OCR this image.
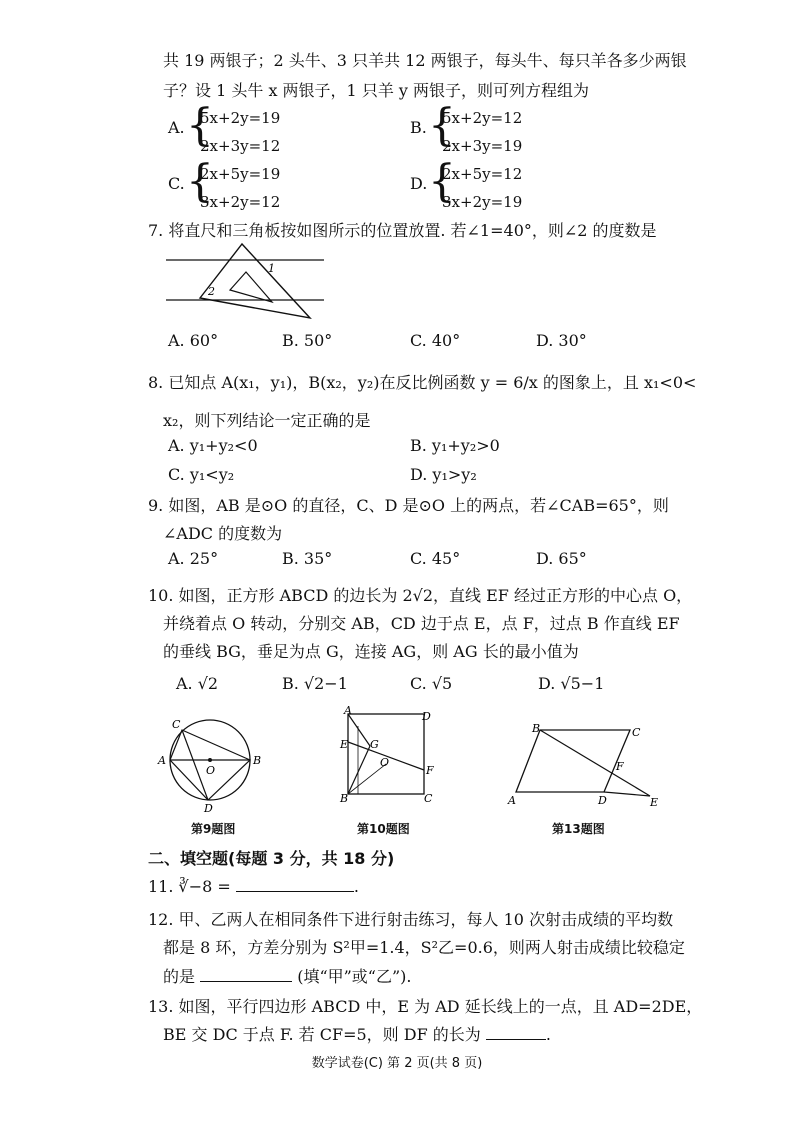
共 19 两银子；2 头牛、3 只羊共 12 两银子，每头牛、每只羊各多少两银
子？设 1 头牛 x 两银子，1 只羊 y 两银子，则可列方程组为
A. {
5x+2y=19
2x+3y=12
B. {
5x+2y=12
2x+3y=19
C. {
2x+5y=19
3x+2y=12
D. {
2x+5y=12
3x+2y=19
7. 将直尺和三角板按如图所示的位置放置. 若∠1=40°，则∠2 的度数是
1
2
A. 60°	B. 50°	C. 40°	D. 30°
8. 已知点 A(x₁，y₁)，B(x₂，y₂)在反比例函数 y = 6/x 的图象上，且 x₁<0<
x₂，则下列结论一定正确的是
A. y₁+y₂<0	B. y₁+y₂>0
C. y₁<y₂	D. y₁>y₂
9. 如图，AB 是⊙O 的直径，C、D 是⊙O 上的两点，若∠CAB=65°，则
∠ADC 的度数为
A. 25°	B. 35°	C. 45°	D. 65°
10. 如图，正方形 ABCD 的边长为 2√2，直线 EF 经过正方形的中心点 O，
并绕着点 O 转动，分别交 AB，CD 边于点 E，点 F，过点 B 作直线 EF
的垂线 BG，垂足为点 G，连接 AG，则 AG 长的最小值为
A. √2	B. √2−1	C. √5	D. √5−1
C
A	B
D
O
第9题图
A	D
E G
O
F
B	C
第10题图
A
B	C
D	E
F
第13题图
二、填空题(每题 3 分，共 18 分)
11. ∛−8 =	.
12. 甲、乙两人在相同条件下进行射击练习，每人 10 次射击成绩的平均数
都是 8 环，方差分别为 S²甲=1.4，S²乙=0.6，则两人射击成绩比较稳定
的是	(填“甲”或“乙”).
13. 如图，平行四边形 ABCD 中，E 为 AD 延长线上的一点，且 AD=2DE，
BE 交 DC 于点 F. 若 CF=5，则 DF 的长为	.
数学试卷(C) 第 2 页(共 8 页)
